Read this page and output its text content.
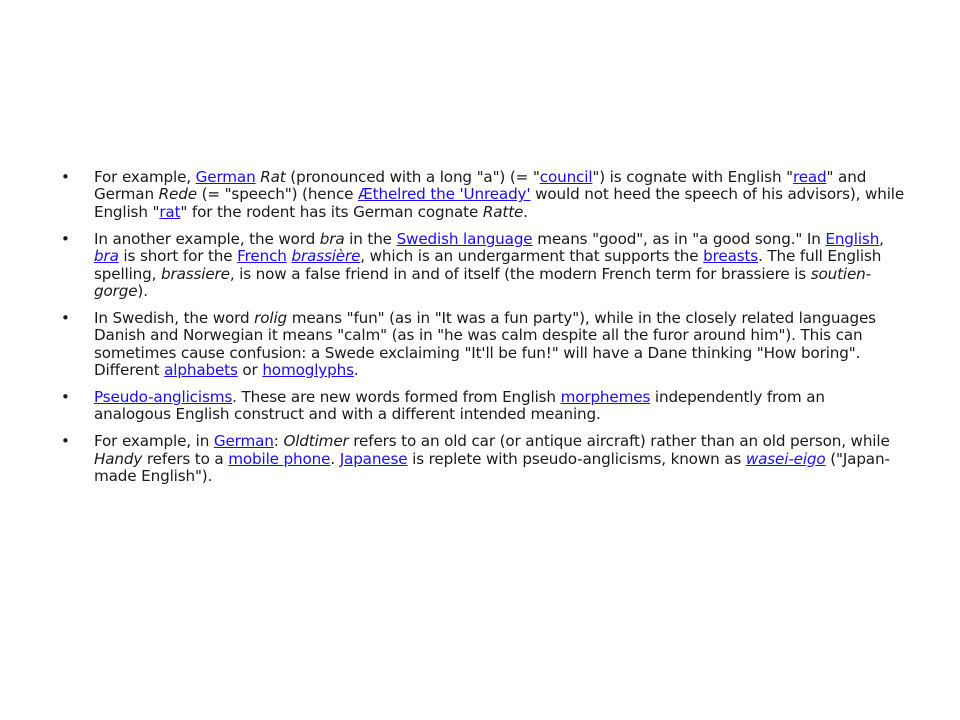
• For example, German Rat (pronounced with a long "a") (= "council") is cognate with English "read" and German Rede (= "speech") (hence Æthelred the 'Unready' would not heed the speech of his advisors), while English "rat" for the rodent has its German cognate Ratte.
• In another example, the word bra in the Swedish language means "good", as in "a good song." In English, bra is short for the French brassière, which is an undergarment that supports the breasts. The full English spelling, brassiere, is now a false friend in and of itself (the modern French term for brassiere is soutien-gorge).
• In Swedish, the word rolig means "fun" (as in "It was a fun party"), while in the closely related languages Danish and Norwegian it means "calm" (as in "he was calm despite all the furor around him"). This can sometimes cause confusion: a Swede exclaiming "It'll be fun!" will have a Dane thinking "How boring". Different alphabets or homoglyphs.
• Pseudo-anglicisms. These are new words formed from English morphemes independently from an analogous English construct and with a different intended meaning.
• For example, in German: Oldtimer refers to an old car (or antique aircraft) rather than an old person, while Handy refers to a mobile phone. Japanese is replete with pseudo-anglicisms, known as wasei-eigo ("Japan-made English").
